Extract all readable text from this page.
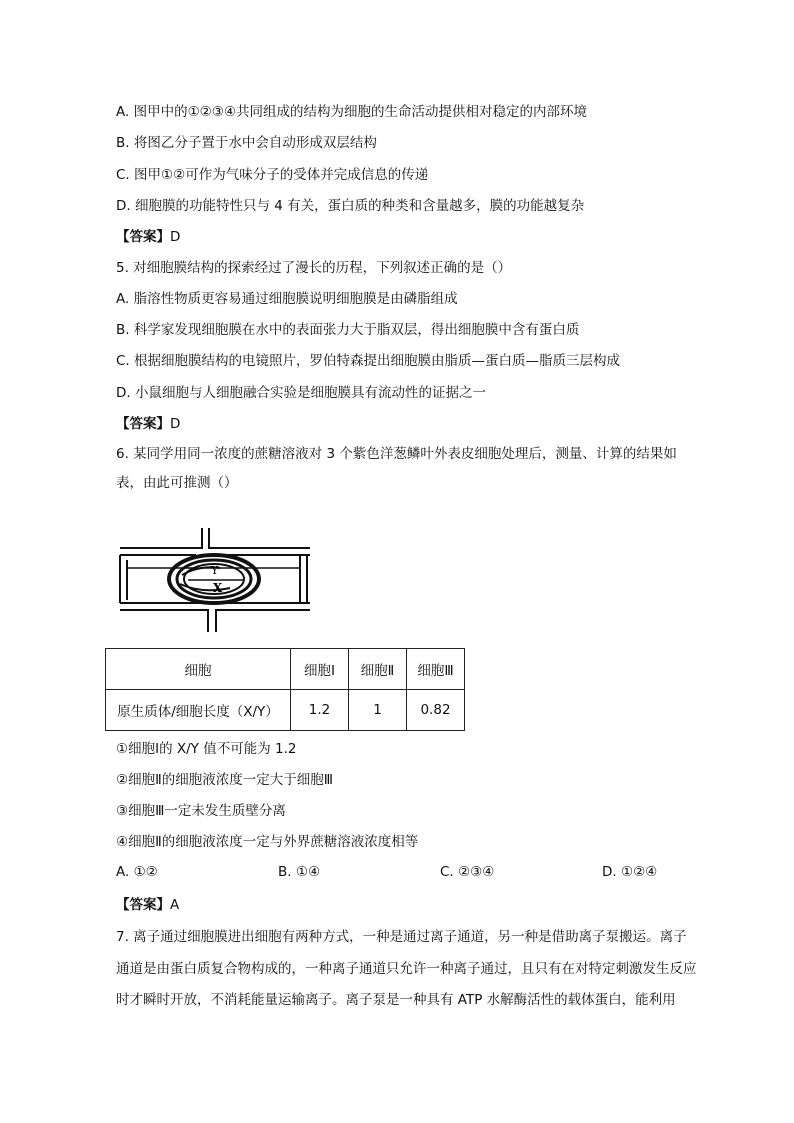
A. 图甲中的①②③④共同组成的结构为细胞的生命活动提供相对稳定的内部环境
B. 将图乙分子置于水中会自动形成双层结构
C. 图甲①②可作为气味分子的受体并完成信息的传递
D. 细胞膜的功能特性只与 4 有关，蛋白质的种类和含量越多，膜的功能越复杂
【答案】D
5. 对细胞膜结构的探索经过了漫长的历程，下列叙述正确的是（）
A. 脂溶性物质更容易通过细胞膜说明细胞膜是由磷脂组成
B. 科学家发现细胞膜在水中的表面张力大于脂双层，得出细胞膜中含有蛋白质
C. 根据细胞膜结构的电镜照片，罗伯特森提出细胞膜由脂质—蛋白质—脂质三层构成
D. 小鼠细胞与人细胞融合实验是细胞膜具有流动性的证据之一
【答案】D
6. 某同学用同一浓度的蔗糖溶液对 3 个紫色洋葱鳞叶外表皮细胞处理后，测量、计算的结果如表，由此可推测（）
Y
X
细胞	细胞Ⅰ	细胞Ⅱ	细胞Ⅲ
原生质体/细胞长度（X/Y）	1.2	1	0.82
①细胞Ⅰ的 X/Y 值不可能为 1.2
②细胞Ⅱ的细胞液浓度一定大于细胞Ⅲ
③细胞Ⅲ一定未发生质壁分离
④细胞Ⅱ的细胞液浓度一定与外界蔗糖溶液浓度相等
A. ①②	B. ①④	C. ②③④	D. ①②④
【答案】A
7. 离子通过细胞膜进出细胞有两种方式，一种是通过离子通道，另一种是借助离子泵搬运。离子通道是由蛋白质复合物构成的，一种离子通道只允许一种离子通过，且只有在对特定刺激发生反应时才瞬时开放，不消耗能量运输离子。离子泵是一种具有 ATP 水解酶活性的载体蛋白，能利用
